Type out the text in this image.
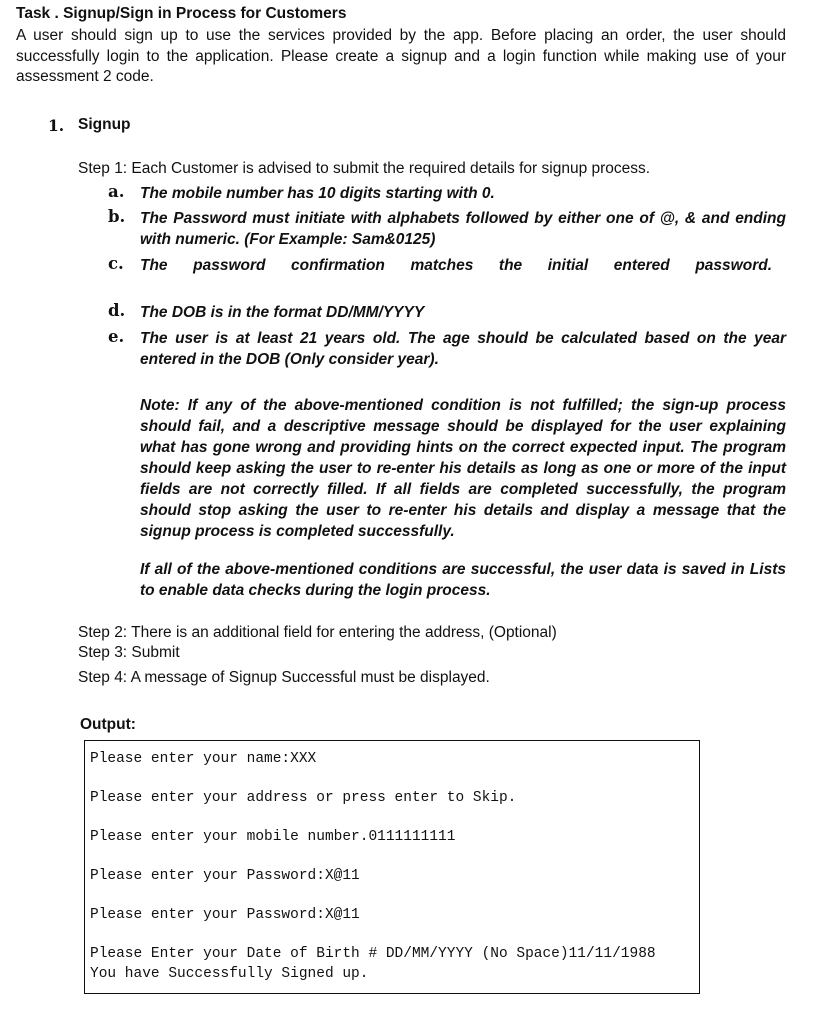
Task . Signup/Sign in Process for Customers
A user should sign up to use the services provided by the app. Before placing an order, the user should successfully login to the application. Please create a signup and a login function while making use of your assessment 2 code.
1. Signup
Step 1: Each Customer is advised to submit the required details for signup process.
a. The mobile number has 10 digits starting with 0.
b. The Password must initiate with alphabets followed by either one of @, & and ending with numeric. (For Example: Sam&0125)
c. The password confirmation matches the initial entered password.
d. The DOB is in the format DD/MM/YYYY
e. The user is at least 21 years old. The age should be calculated based on the year entered in the DOB (Only consider year).
Note: If any of the above-mentioned condition is not fulfilled; the sign-up process should fail, and a descriptive message should be displayed for the user explaining what has gone wrong and providing hints on the correct expected input. The program should keep asking the user to re-enter his details as long as one or more of the input fields are not correctly filled. If all fields are completed successfully, the program should stop asking the user to re-enter his details and display a message that the signup process is completed successfully.
If all of the above-mentioned conditions are successful, the user data is saved in Lists to enable data checks during the login process.
Step 2: There is an additional field for entering the address, (Optional)
Step 3: Submit
Step 4: A message of Signup Successful must be displayed.
Output:
Please enter your name:XXX
Please enter your address or press enter to Skip.
Please enter your mobile number.0111111111
Please enter your Password:X@11
Please enter your Password:X@11
Please Enter your Date of Birth # DD/MM/YYYY (No Space)11/11/1988
You have Successfully Signed up.
